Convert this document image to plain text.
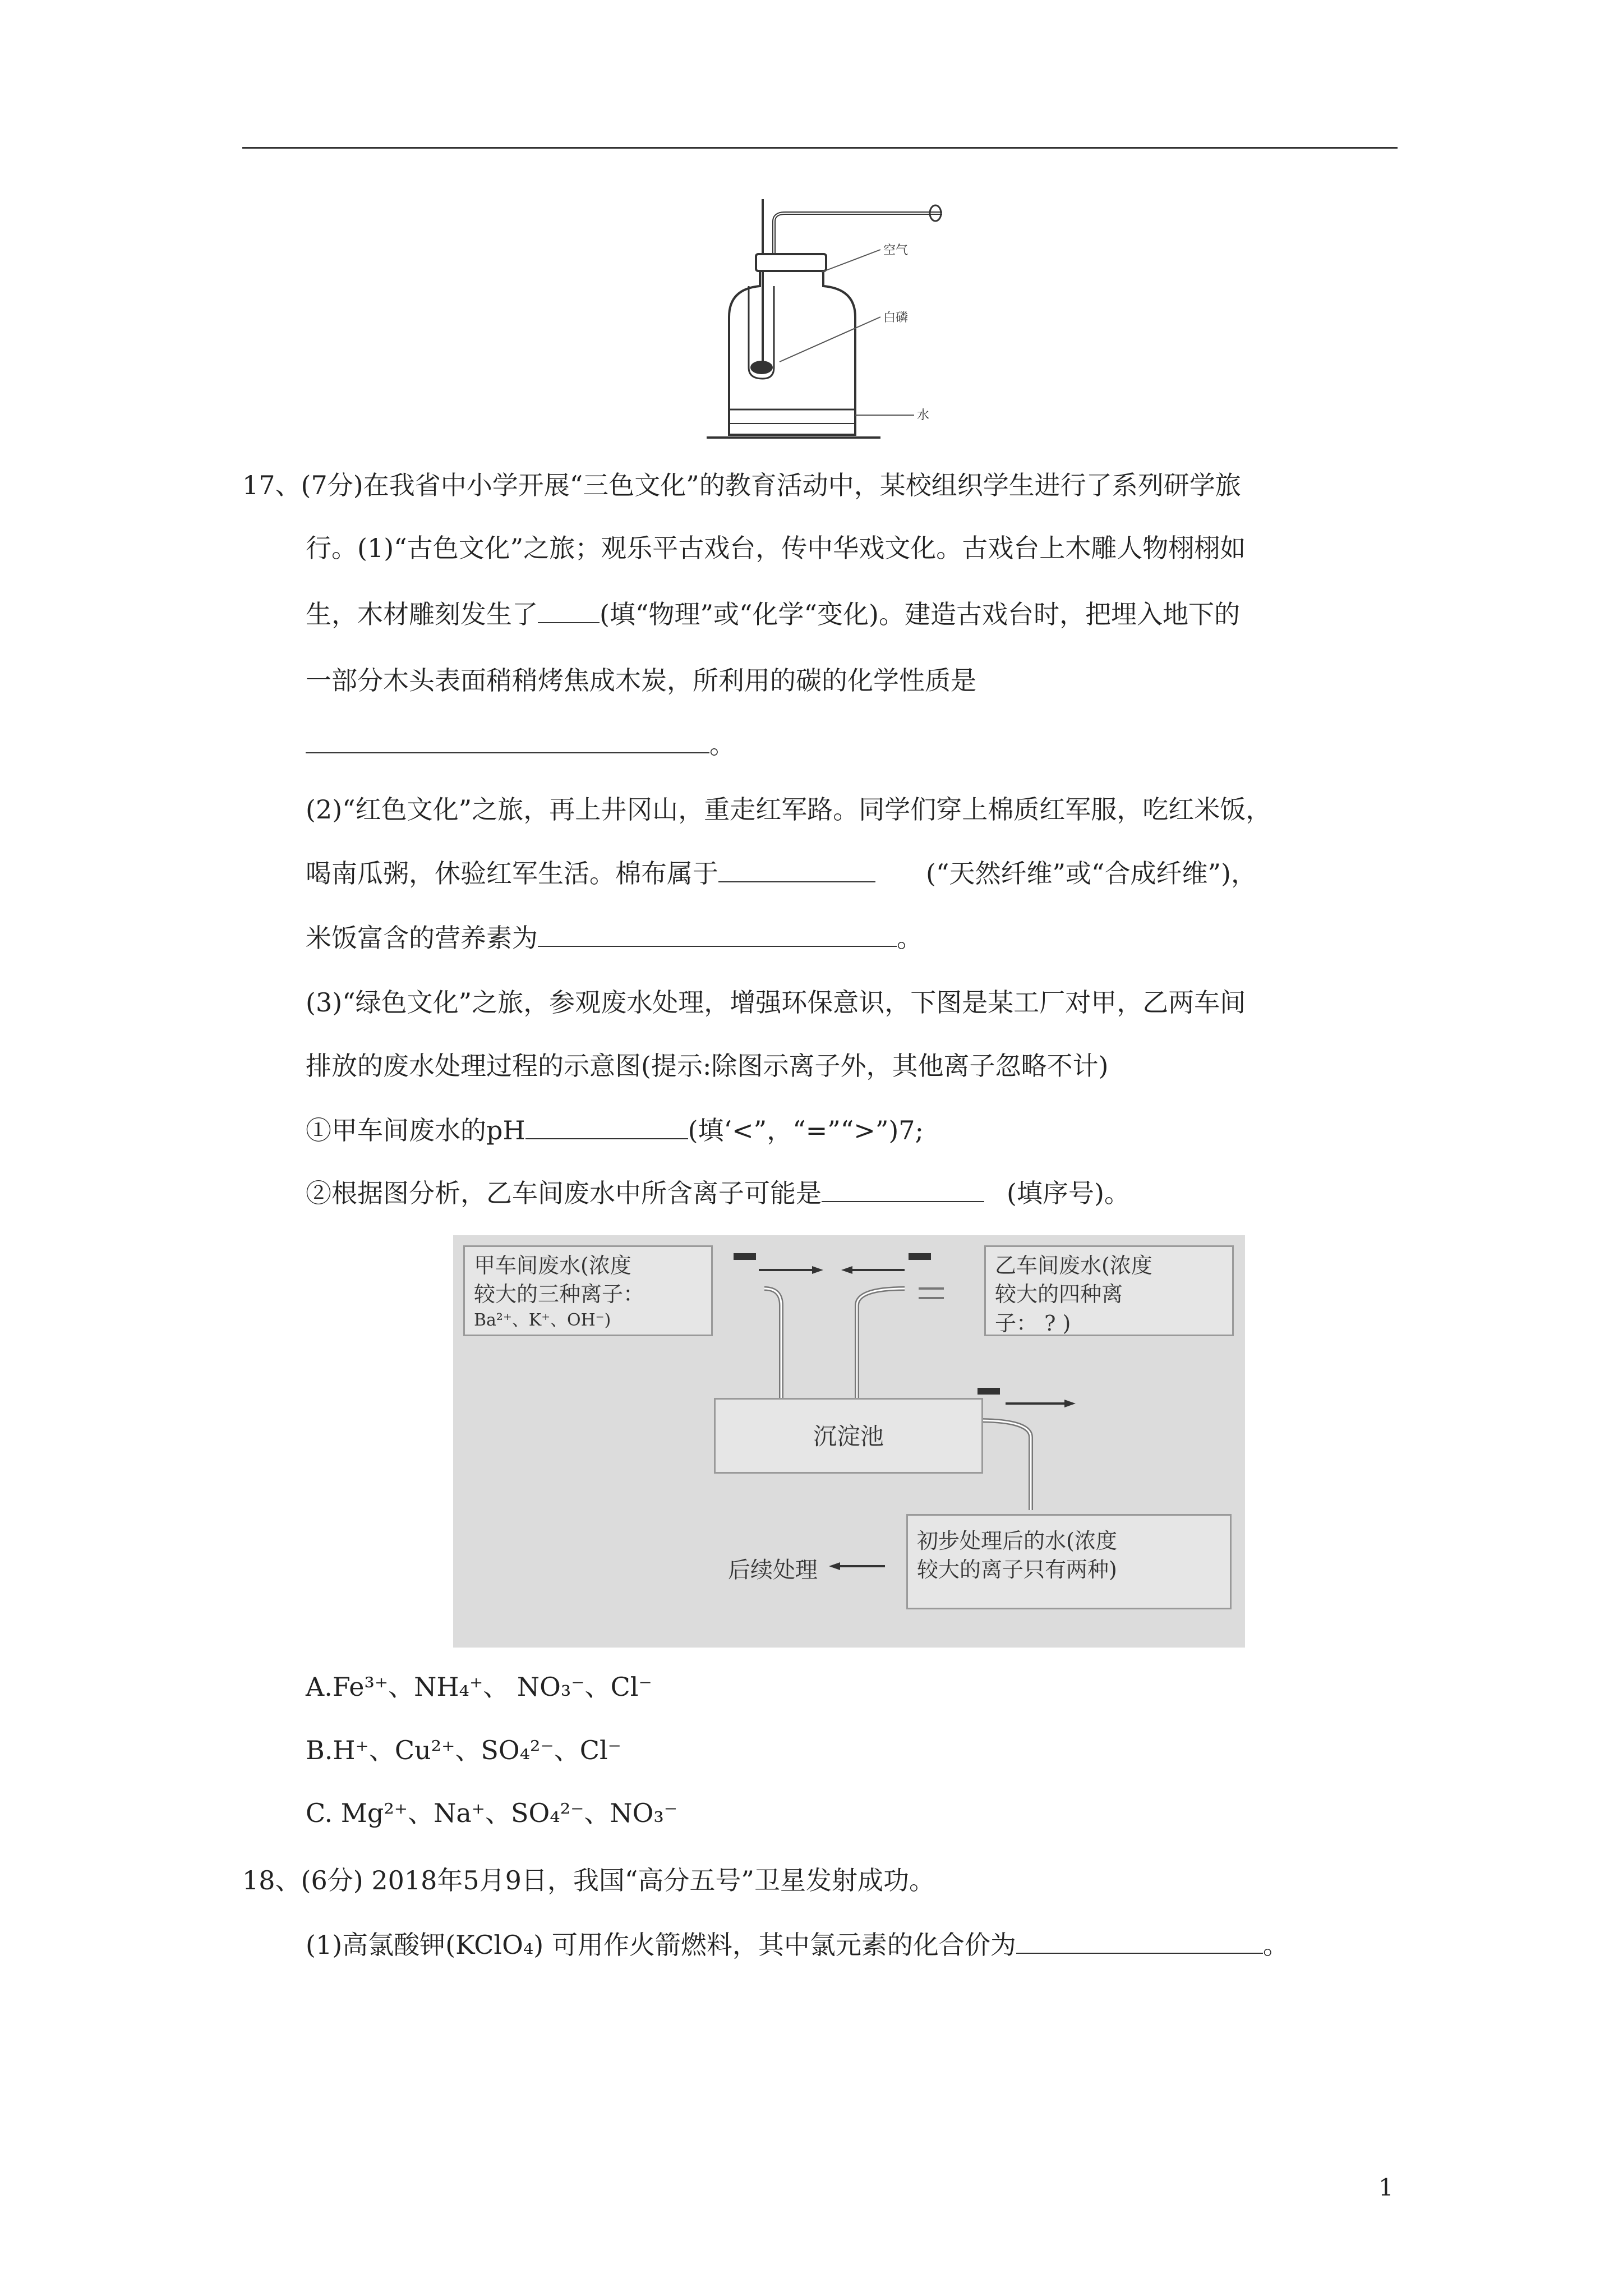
空气
白磷
水
17、(7分)在我省中小学开展“三色文化”的教育活动中，某校组织学生进行了系列研学旅
行。(1)“古色文化”之旅；观乐平古戏台，传中华戏文化。古戏台上木雕人物栩栩如
生，木材雕刻发生了 (填“物理”或“化学“变化)。建造古戏台时，把埋入地下的
一部分木头表面稍稍烤焦成木炭，所利用的碳的化学性质是
。
(2)“红色文化”之旅，再上井冈山，重走红军路。同学们穿上棉质红军服，吃红米饭，
喝南瓜粥，休验红军生活。棉布属于	(“天然纤维”或“合成纤维”)，
米饭富含的营养素为	。
(3)“绿色文化”之旅，参观废水处理，增强环保意识，下图是某工厂对甲，乙两车间
排放的废水处理过程的示意图(提示:除图示离子外，其他离子忽略不计)
①甲车间废水的pH	(填‘<”，“=”“>”)7;
②根据图分析，乙车间废水中所含离子可能是	(填序号)。
甲车间废水(浓度
较大的三种离子：
Ba²⁺、K⁺、OH⁻)
乙车间废水(浓度
较大的四种离
子： ? )
沉淀池
初步处理后的水(浓度
较大的离子只有两种)
后续处理
A.Fe³⁺、NH₄⁺、 NO₃⁻、Cl⁻
B.H⁺、Cu²⁺、SO₄²⁻、Cl⁻
C. Mg²⁺、Na⁺、SO₄²⁻、NO₃⁻
18、(6分) 2018年5月9日，我国“高分五号”卫星发射成功。
(1)高氯酸钾(KClO₄) 可用作火箭燃料，其中氯元素的化合价为	。
1
